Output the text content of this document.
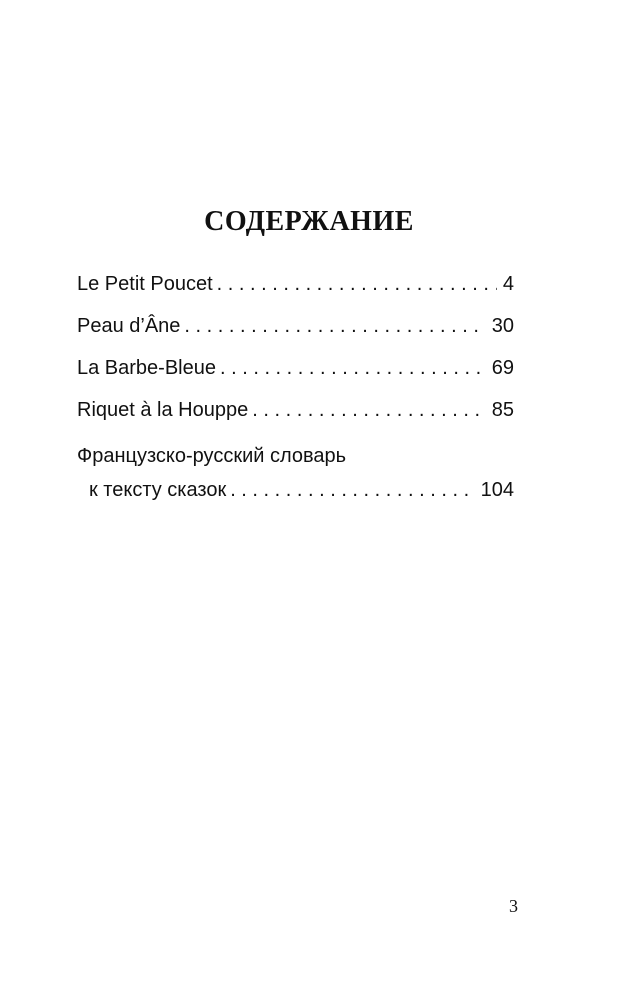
СОДЕРЖАНИЕ
Le Petit Poucet . . .	4
Peau d’Âne . . .	30
La Barbe-Bleue . . .	69
Riquet à la Houppe . . .	85
Французско-русский словарь
к тексту сказок . . .	104
3
